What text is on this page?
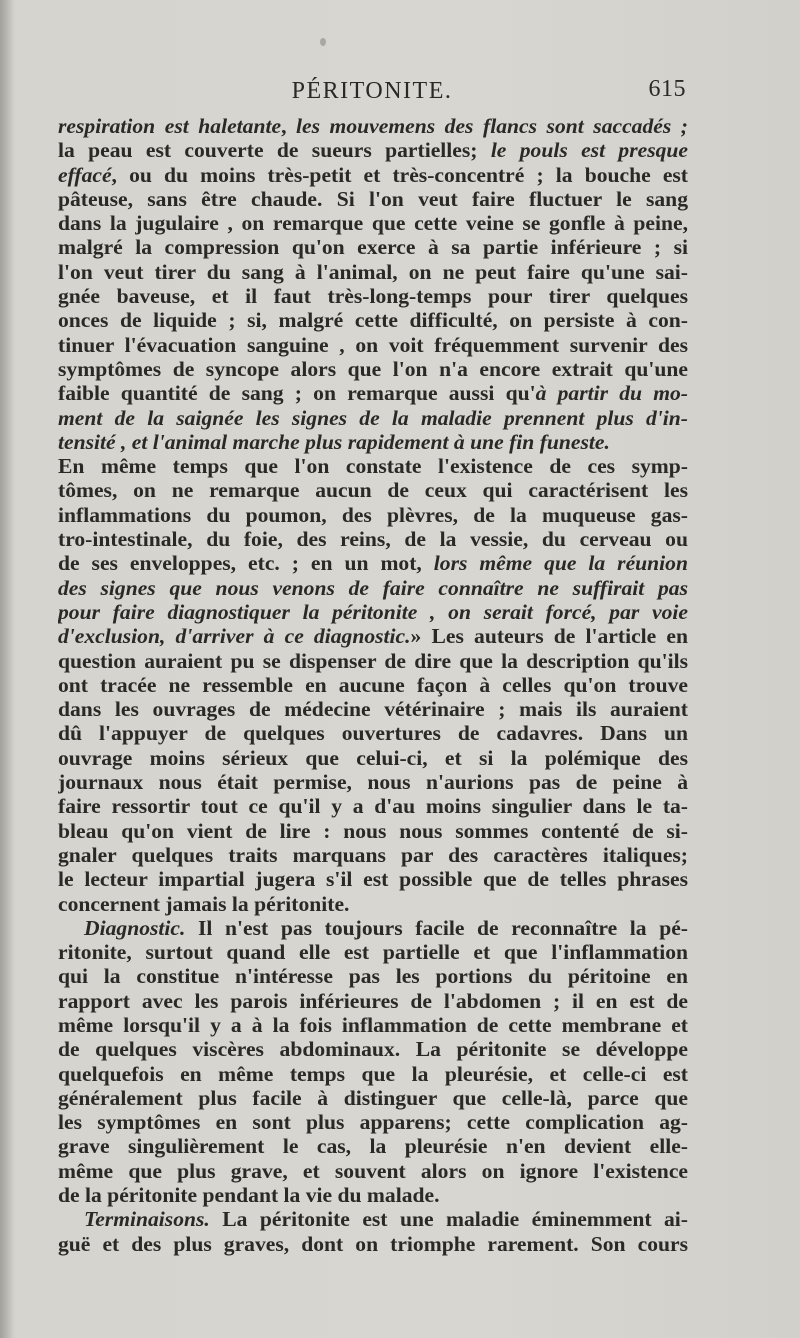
PÉRITONITE.	615
respiration est haletante, les mouvemens des flancs sont saccadés ;
la peau est couverte de sueurs partielles; le pouls est presque
effacé, ou du moins très-petit et très-concentré ; la bouche est
pâteuse, sans être chaude. Si l'on veut faire fluctuer le sang
dans la jugulaire , on remarque que cette veine se gonfle à peine,
malgré la compression qu'on exerce à sa partie inférieure ; si
l'on veut tirer du sang à l'animal, on ne peut faire qu'une sai-
gnée baveuse, et il faut très-long-temps pour tirer quelques
onces de liquide ; si, malgré cette difficulté, on persiste à con-
tinuer l'évacuation sanguine , on voit fréquemment survenir des
symptômes de syncope alors que l'on n'a encore extrait qu'une
faible quantité de sang ; on remarque aussi qu'à partir du mo-
ment de la saignée les signes de la maladie prennent plus d'in-
tensité , et l'animal marche plus rapidement à une fin funeste.
En même temps que l'on constate l'existence de ces symp-
tômes, on ne remarque aucun de ceux qui caractérisent les
inflammations du poumon, des plèvres, de la muqueuse gas-
tro-intestinale, du foie, des reins, de la vessie, du cerveau ou
de ses enveloppes, etc. ; en un mot, lors même que la réunion
des signes que nous venons de faire connaître ne suffirait pas
pour faire diagnostiquer la péritonite , on serait forcé, par voie
d'exclusion, d'arriver à ce diagnostic.» Les auteurs de l'article en
question auraient pu se dispenser de dire que la description qu'ils
ont tracée ne ressemble en aucune façon à celles qu'on trouve
dans les ouvrages de médecine vétérinaire ; mais ils auraient
dû l'appuyer de quelques ouvertures de cadavres. Dans un
ouvrage moins sérieux que celui-ci, et si la polémique des
journaux nous était permise, nous n'aurions pas de peine à
faire ressortir tout ce qu'il y a d'au moins singulier dans le ta-
bleau qu'on vient de lire : nous nous sommes contenté de si-
gnaler quelques traits marquans par des caractères italiques;
le lecteur impartial jugera s'il est possible que de telles phrases
concernent jamais la péritonite.
Diagnostic. Il n'est pas toujours facile de reconnaître la pé-
ritonite, surtout quand elle est partielle et que l'inflammation
qui la constitue n'intéresse pas les portions du péritoine en
rapport avec les parois inférieures de l'abdomen ; il en est de
même lorsqu'il y a à la fois inflammation de cette membrane et
de quelques viscères abdominaux. La péritonite se développe
quelquefois en même temps que la pleurésie, et celle-ci est
généralement plus facile à distinguer que celle-là, parce que
les symptômes en sont plus apparens; cette complication ag-
grave singulièrement le cas, la pleurésie n'en devient elle-
même que plus grave, et souvent alors on ignore l'existence
de la péritonite pendant la vie du malade.
Terminaisons. La péritonite est une maladie éminemment ai-
guë et des plus graves, dont on triomphe rarement. Son cours
